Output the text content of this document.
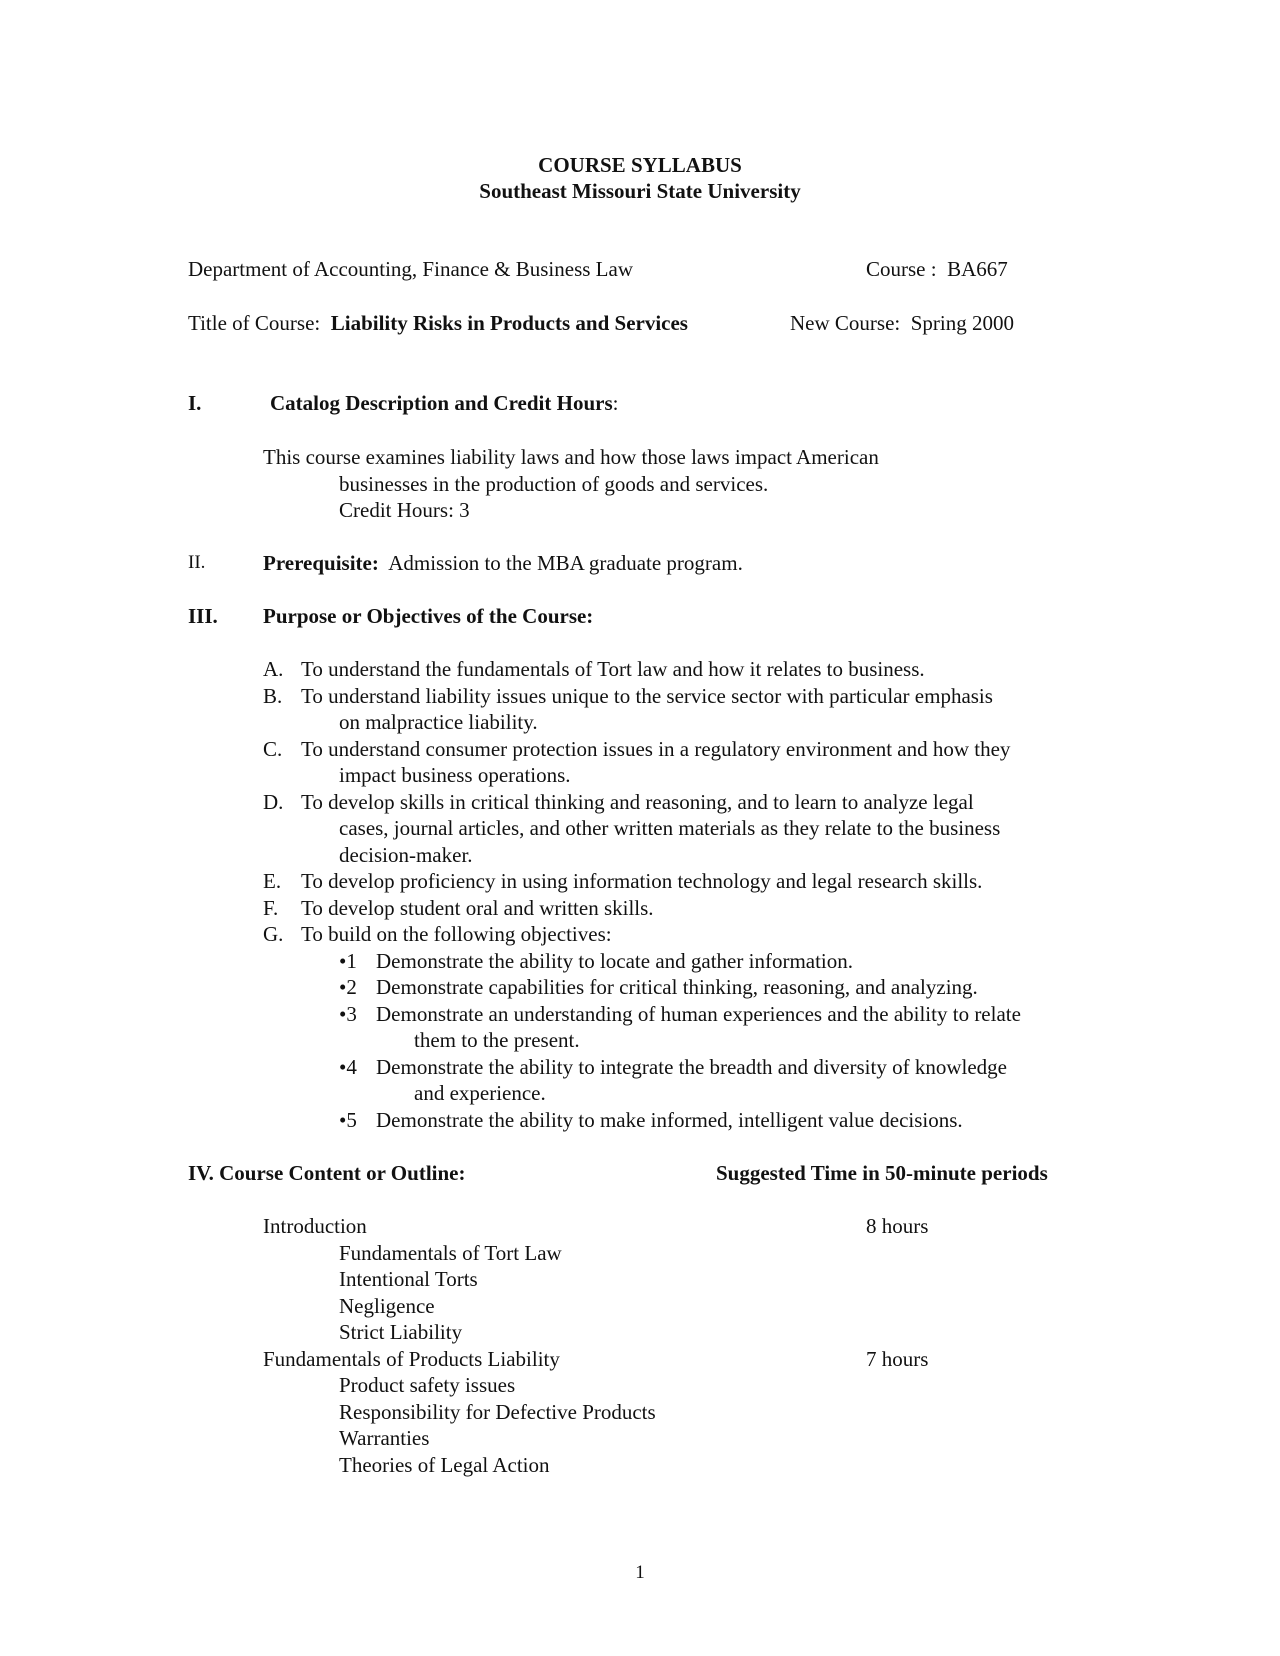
COURSE SYLLABUS
Southeast Missouri State University
Department of Accounting, Finance & Business Law	Course : BA667
Title of Course: Liability Risks in Products and Services	New Course: Spring 2000
I.	Catalog Description and Credit Hours:
This course examines liability laws and how those laws impact American
businesses in the production of goods and services.
Credit Hours: 3
II.	Prerequisite: Admission to the MBA graduate program.
III. Purpose or Objectives of the Course:
A. To understand the fundamentals of Tort law and how it relates to business.
B. To understand liability issues unique to the service sector with particular emphasis
on malpractice liability.
C. To understand consumer protection issues in a regulatory environment and how they
impact business operations.
D. To develop skills in critical thinking and reasoning, and to learn to analyze legal
cases, journal articles, and other written materials as they relate to the business
decision-maker.
E. To develop proficiency in using information technology and legal research skills.
F. To develop student oral and written skills.
G. To build on the following objectives:
•1 Demonstrate the ability to locate and gather information.
•2 Demonstrate capabilities for critical thinking, reasoning, and analyzing.
•3 Demonstrate an understanding of human experiences and the ability to relate
them to the present.
•4 Demonstrate the ability to integrate the breadth and diversity of knowledge
and experience.
•5 Demonstrate the ability to make informed, intelligent value decisions.
IV. Course Content or Outline:	Suggested Time in 50-minute periods
Introduction	8 hours
Fundamentals of Tort Law
Intentional Torts
Negligence
Strict Liability
Fundamentals of Products Liability	7 hours
Product safety issues
Responsibility for Defective Products
Warranties
Theories of Legal Action
1
